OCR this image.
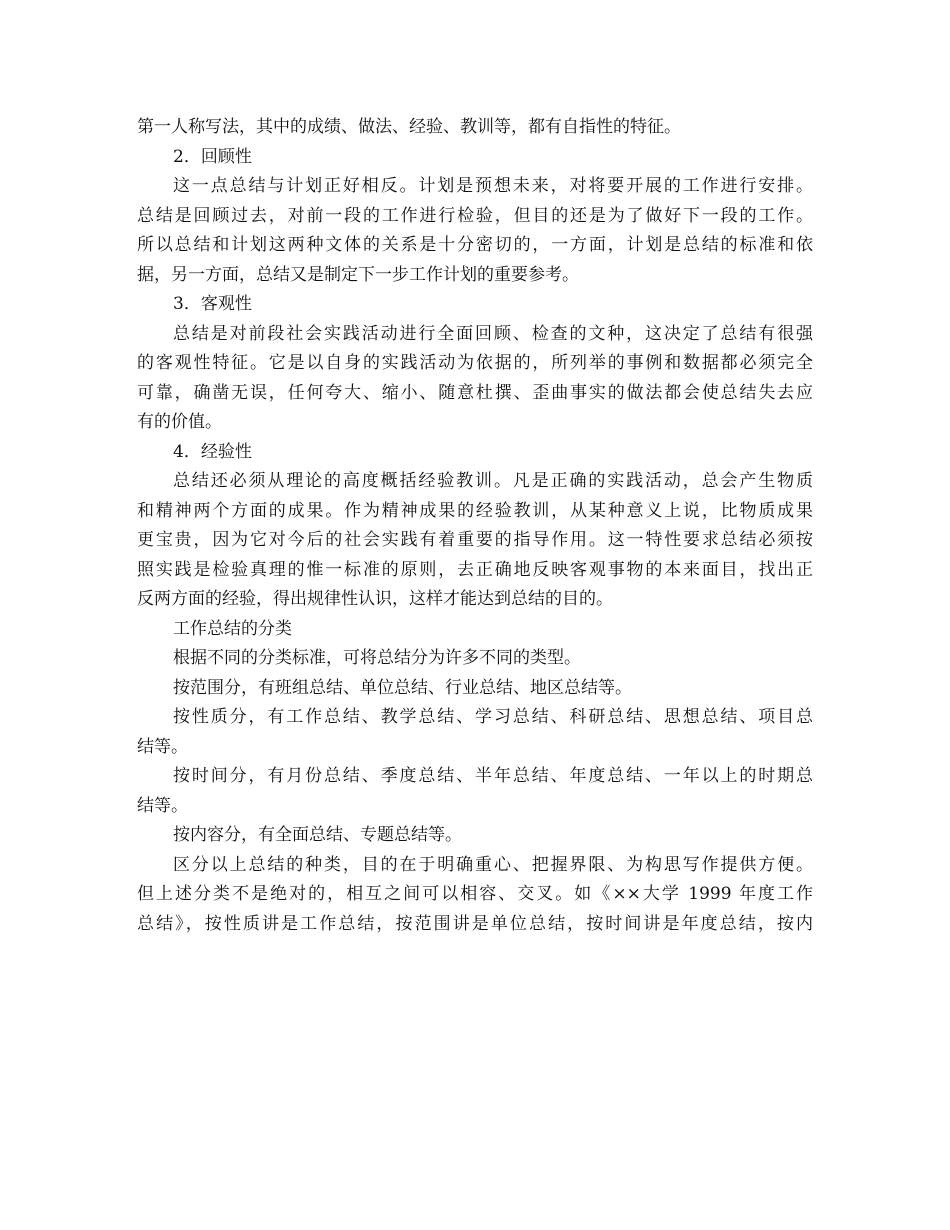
第一人称写法，其中的成绩、做法、经验、教训等，都有自指性的特征。
2．回顾性
这一点总结与计划正好相反。计划是预想未来，对将要开展的工作进行安排。
总结是回顾过去，对前一段的工作进行检验，但目的还是为了做好下一段的工作。
所以总结和计划这两种文体的关系是十分密切的，一方面，计划是总结的标准和依
据，另一方面，总结又是制定下一步工作计划的重要参考。
3．客观性
总结是对前段社会实践活动进行全面回顾、检查的文种，这决定了总结有很强
的客观性特征。它是以自身的实践活动为依据的，所列举的事例和数据都必须完全
可靠，确凿无误，任何夸大、缩小、随意杜撰、歪曲事实的做法都会使总结失去应
有的价值。
4．经验性
总结还必须从理论的高度概括经验教训。凡是正确的实践活动，总会产生物质
和精神两个方面的成果。作为精神成果的经验教训，从某种意义上说，比物质成果
更宝贵，因为它对今后的社会实践有着重要的指导作用。这一特性要求总结必须按
照实践是检验真理的惟一标准的原则，去正确地反映客观事物的本来面目，找出正
反两方面的经验，得出规律性认识，这样才能达到总结的目的。
工作总结的分类
根据不同的分类标准，可将总结分为许多不同的类型。
按范围分，有班组总结、单位总结、行业总结、地区总结等。
按性质分，有工作总结、教学总结、学习总结、科研总结、思想总结、项目总
结等。
按时间分，有月份总结、季度总结、半年总结、年度总结、一年以上的时期总
结等。
按内容分，有全面总结、专题总结等。
区分以上总结的种类，目的在于明确重心、把握界限、为构思写作提供方便。
但上述分类不是绝对的，相互之间可以相容、交叉。如《××大学 1999 年度工作
总结》，按性质讲是工作总结，按范围讲是单位总结，按时间讲是年度总结，按内
